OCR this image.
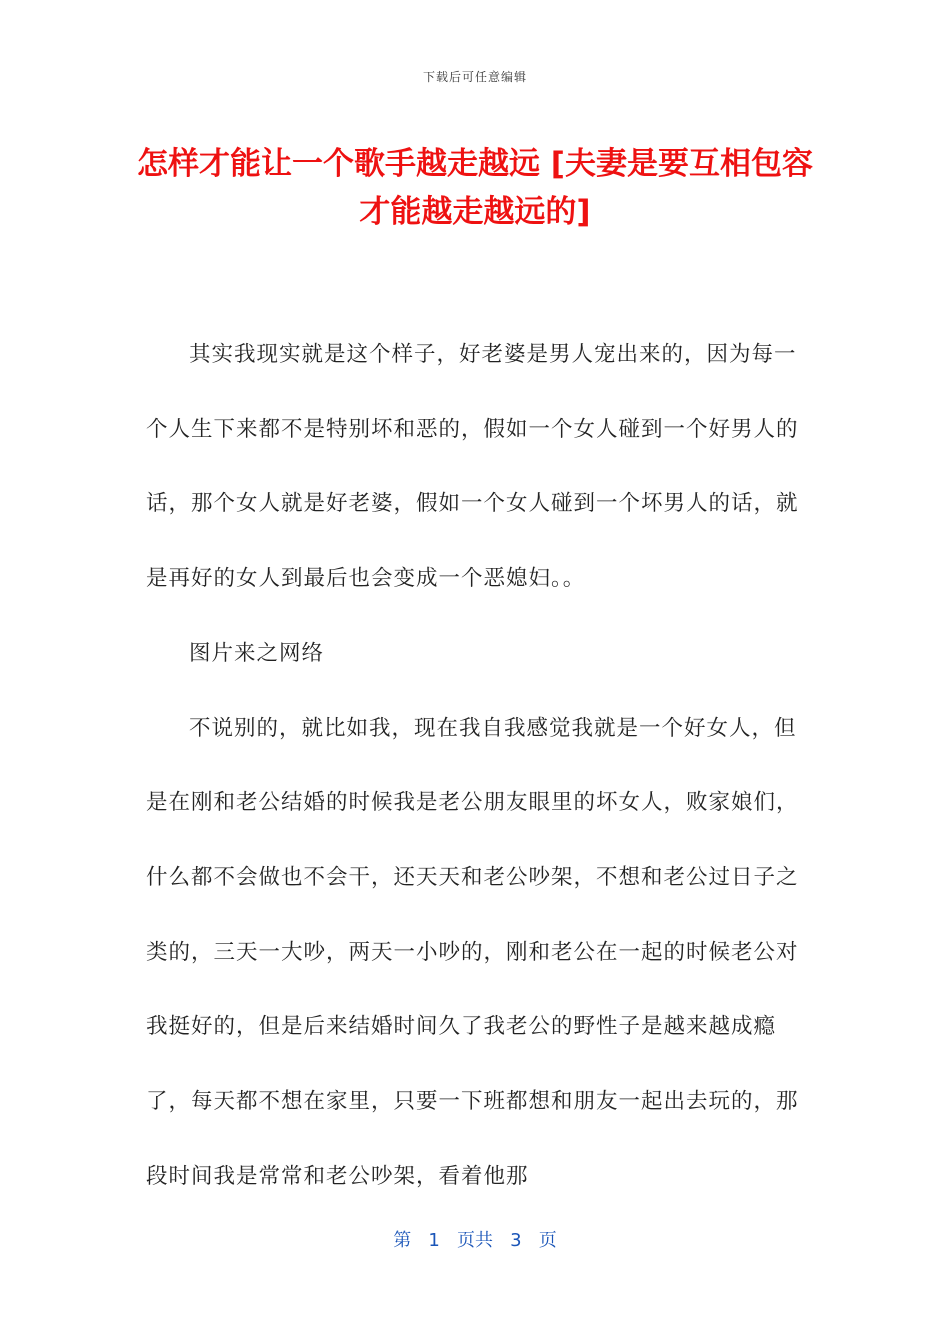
下载后可任意编辑
怎样才能让一个歌手越走越远 [夫妻是要互相包容才能越走越远的]

其实我现实就是这个样子，好老婆是男人宠出来的，因为每一个人生下来都不是特别坏和恶的，假如一个女人碰到一个好男人的话，那个女人就是好老婆，假如一个女人碰到一个坏男人的话，就是再好的女人到最后也会变成一个恶媳妇。。

图片来之网络

不说别的，就比如我，现在我自我感觉我就是一个好女人，但是在刚和老公结婚的时候我是老公朋友眼里的坏女人，败家娘们，什么都不会做也不会干，还天天和老公吵架，不想和老公过日子之类的，三天一大吵，两天一小吵的，刚和老公在一起的时候老公对我挺好的，但是后来结婚时间久了我老公的野性子是越来越成瘾了，每天都不想在家里，只要一下班都想和朋友一起出去玩的，那段时间我是常常和老公吵架，看着他那

第 1 页共 3 页
